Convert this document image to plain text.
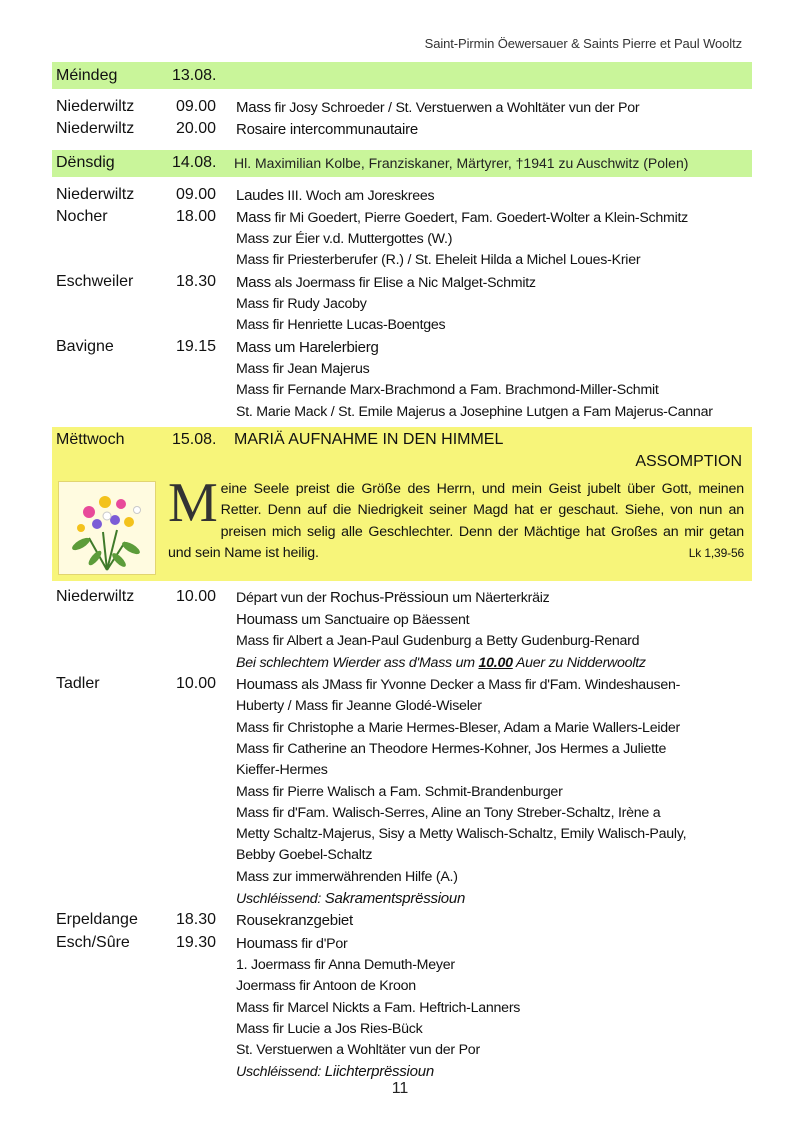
Saint-Pirmin Öewersauer & Saints Pierre et Paul Wooltz
Méindeg	13.08.
Niederwiltz	09.00	Mass fir Josy Schroeder / St. Verstuerwen a Wohltäter vun der Por
Niederwiltz	20.00	Rosaire intercommunautaire
Dënsdig	14.08.	Hl. Maximilian Kolbe, Franziskaner, Märtyrer, †1941 zu Auschwitz (Polen)
Niederwiltz	09.00	Laudes III. Woch am Joreskrees
Nocher	18.00	Mass fir Mi Goedert, Pierre Goedert, Fam. Goedert-Wolter a Klein-Schmitz
Mass zur Éier v.d. Muttergottes (W.)
Mass fir Priesterberufer (R.) / St. Eheleit Hilda a Michel Loues-Krier
Eschweiler	18.30	Mass als Joermass fir Elise a Nic Malget-Schmitz
Mass fir Rudy Jacoby
Mass fir Henriette Lucas-Boentges
Bavigne	19.15	Mass um Harelerbierg
Mass fir Jean Majerus
Mass fir Fernande Marx-Brachmond a Fam. Brachmond-Miller-Schmit
St. Marie Mack / St. Emile Majerus a Josephine Lutgen a Fam Majerus-Cannar
Mëttwoch	15.08.	MARIÄ AUFNAHME IN DEN HIMMEL
ASSOMPTION
Meine Seele preist die Größe des Herrn, und mein Geist jubelt über Gott, meinen Retter. Denn auf die Niedrigkeit seiner Magd hat er geschaut. Siehe, von nun an preisen mich selig alle Geschlechter. Denn der Mächtige hat Großes an mir getan und sein Name ist heilig.	Lk 1,39-56
Niederwiltz	10.00	Départ vun der Rochus-Prëssioun um Näerterkräiz
Houmass um Sanctuaire op Bäessent
Mass fir Albert a Jean-Paul Gudenburg a Betty Gudenburg-Renard
Bei schlechtem Wierder ass d'Mass um 10.00 Auer zu Nidderwooltz
Tadler	10.00	Houmass als JMass fir Yvonne Decker a Mass fir d'Fam. Windeshausen-
Huberty / Mass fir Jeanne Glodé-Wiseler
Mass fir Christophe a Marie Hermes-Bleser, Adam a Marie Wallers-Leider
Mass fir Catherine an Theodore Hermes-Kohner, Jos Hermes a Juliette
Kieffer-Hermes
Mass fir Pierre Walisch a Fam. Schmit-Brandenburger
Mass fir d'Fam. Walisch-Serres, Aline an Tony Streber-Schaltz, Irène a
Metty Schaltz-Majerus, Sisy a Metty Walisch-Schaltz, Emily Walisch-Pauly,
Bebby Goebel-Schaltz
Mass zur immerwährenden Hilfe (A.)
Uschléissend: Sakramentsprëssioun
Erpeldange	18.30	Rousekranzgebiet
Esch/Sûre	19.30	Houmass fir d'Por
1. Joermass fir Anna Demuth-Meyer
Joermass fir Antoon de Kroon
Mass fir Marcel Nickts a Fam. Heftrich-Lanners
Mass fir Lucie a Jos Ries-Bück
St. Verstuerwen a Wohltäter vun der Por
Uschléissend: Liichterprëssioun
11
